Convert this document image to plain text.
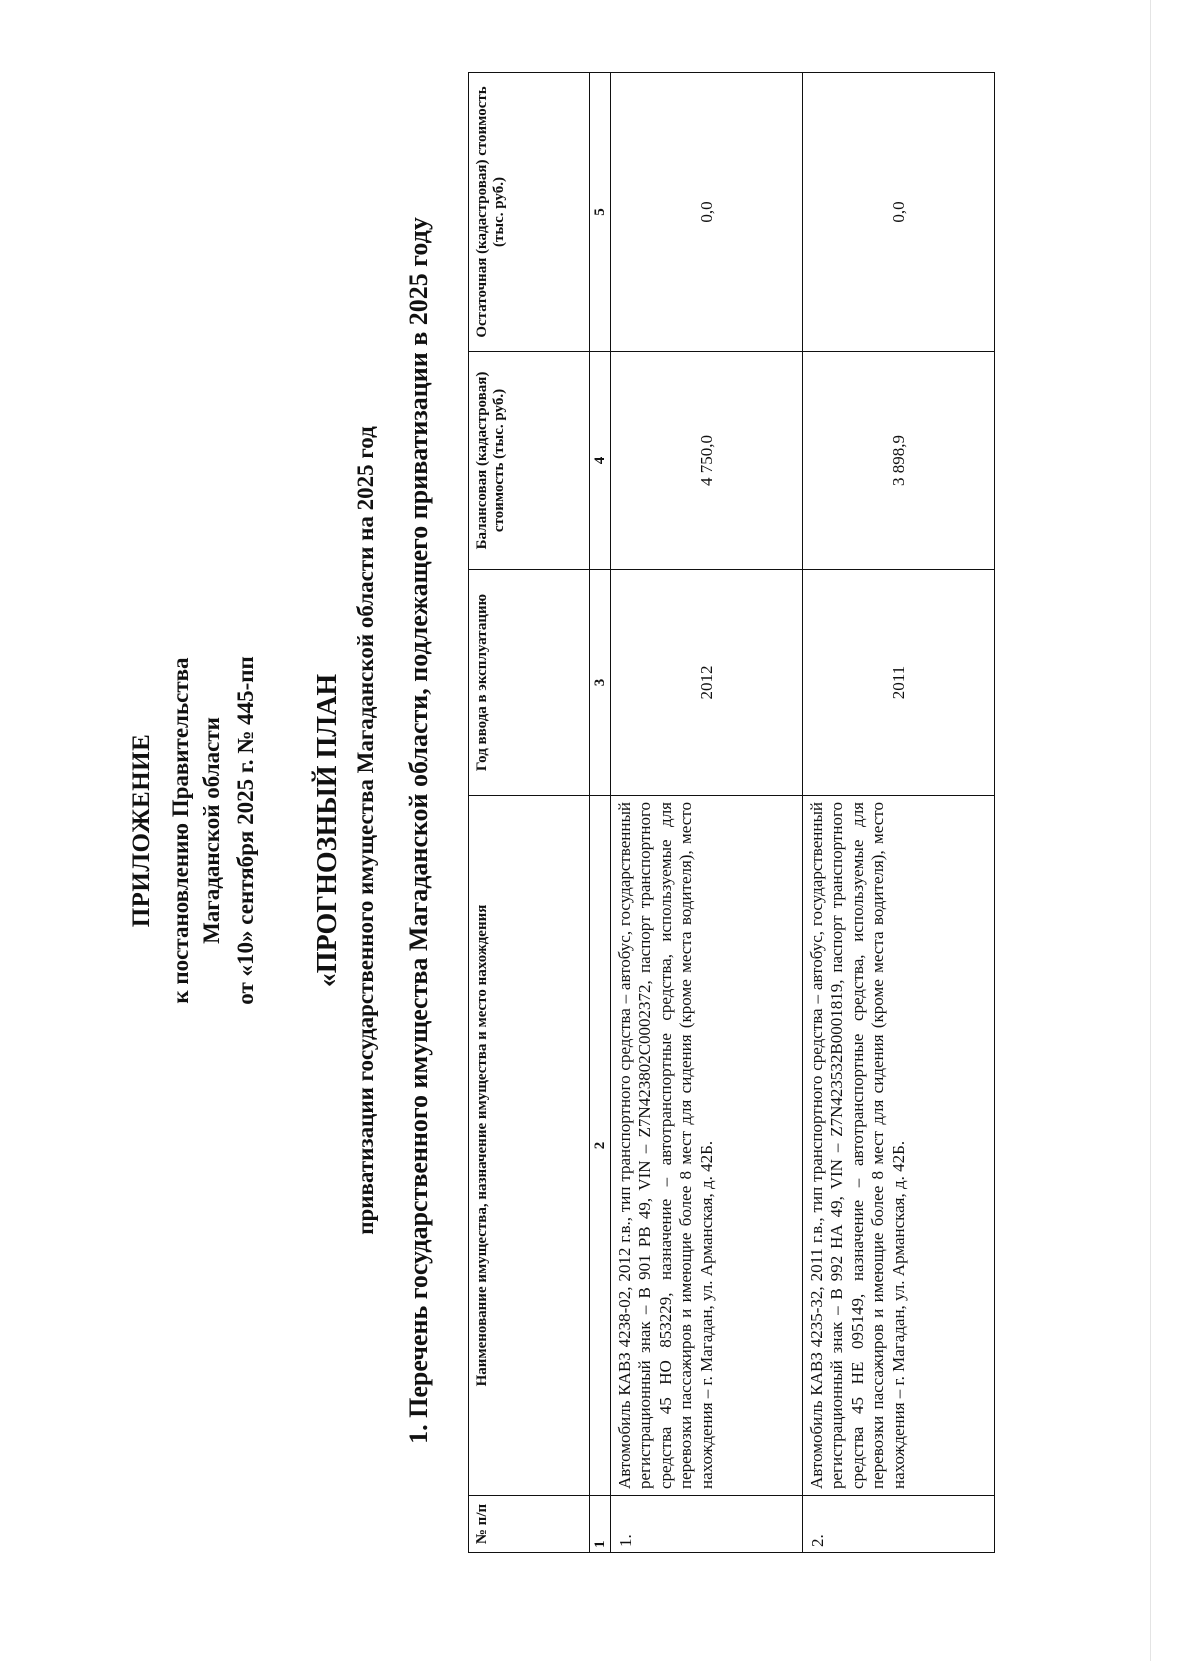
ПРИЛОЖЕНИЕ к постановлению Правительства Магаданской области от «10» сентября 2025 г. № 445-пп «ПРОГНОЗНЫЙ ПЛАН приватизации государственного имущества Магаданской области на 2025 год 1. Перечень государственного имущества Магаданской области, подлежащего приватизации в 2025 году
№ п/п	Наименование имущества, назначение имущества и место нахождения	Год ввода в эксплуатацию	Балансовая (кадастровая) стоимость (тыс. руб.)	Остаточная (кадастровая) стоимость (тыс. руб.)

1	2	3	4	5
1.	Автомобиль КАВЗ 4238-02, 2012 г.в., тип транспортного средства – автобус, государственный регистрационный знак – В 901 РВ 49, VIN – Z7N423802C0002372, паспорт транспортного средства 45 НО 853229, назначение – автотранспортные средства, используемые для перевозки пассажиров и имеющие более 8 мест для сидения (кроме места водителя), место нахождения – г. Магадан, ул. Арманская, д. 42Б.	2012	4 750,0	0,0
2.	Автомобиль КАВЗ 4235-32, 2011 г.в., тип транспортного средства – автобус, государственный регистрационный знак – В 992 НА 49, VIN – Z7N423532B0001819, паспорт транспортного средства 45 НЕ 095149, назначение – автотранспортные средства, используемые для перевозки пассажиров и имеющие более 8 мест для сидения (кроме места водителя), место нахождения – г. Магадан, ул. Арманская, д. 42Б.	2011	3 898,9	0,0
